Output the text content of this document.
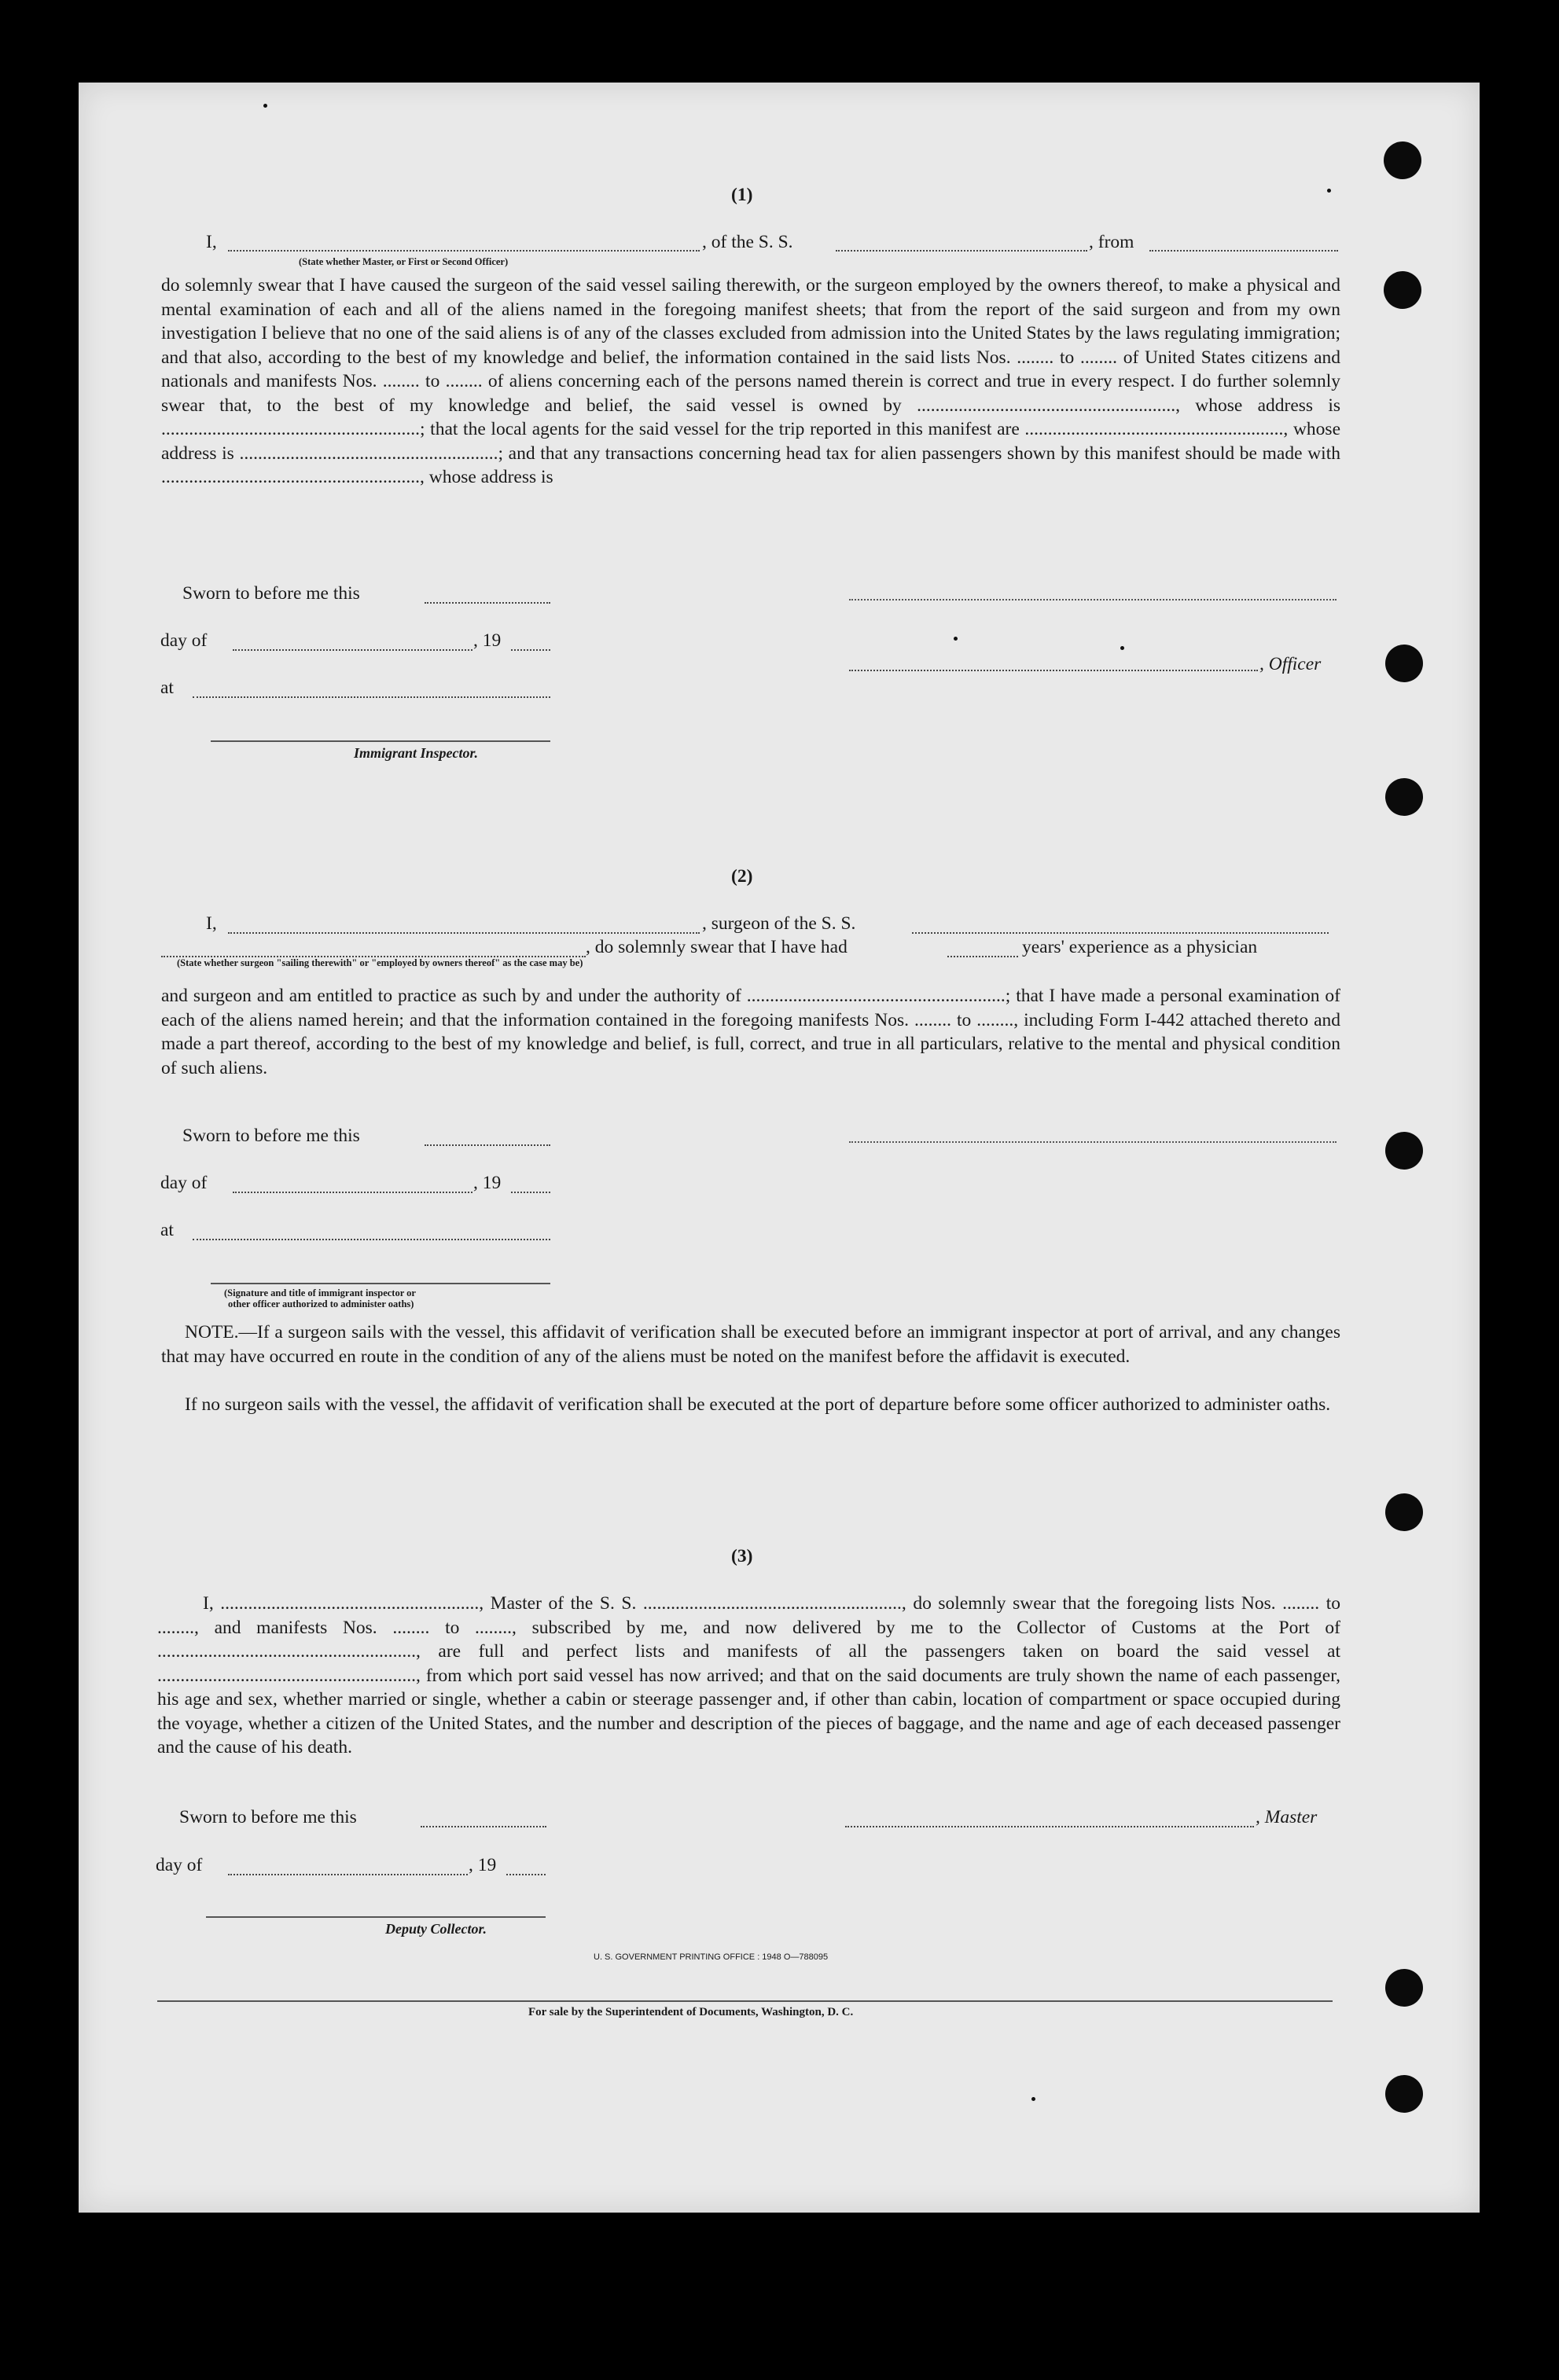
(1)
I,	, of the S. S.	, from
(State whether Master, or First or Second Officer)
do solemnly swear that I have caused the surgeon of the said vessel sailing therewith, or the surgeon employed by the owners thereof, to make a physical and mental examination of each and all of the aliens named in the foregoing manifest sheets; that from the report of the said surgeon and from my own investigation I believe that no one of the said aliens is of any of the classes excluded from admission into the United States by the laws regulating immigration; and that also, according to the best of my knowledge and belief, the information contained in the said lists Nos. ........ to ........ of United States citizens and nationals and manifests Nos. ........ to ........ of aliens concerning each of the persons named therein is correct and true in every respect. I do further solemnly swear that, to the best of my knowledge and belief, the said vessel is owned by ........................................................, whose address is ........................................................; that the local agents for the said vessel for the trip reported in this manifest are ........................................................, whose address is ........................................................; and that any transactions concerning head tax for alien passengers shown by this manifest should be made with ........................................................, whose address is
Sworn to before me this
day of	, 19
, Officer
at
Immigrant Inspector.
(2)
I,	, surgeon of the S. S.
, do solemnly swear that I have had	years' experience as a physician
(State whether surgeon "sailing therewith" or "employed by owners thereof" as the case may be)
and surgeon and am entitled to practice as such by and under the authority of ........................................................; that I have made a personal examination of each of the aliens named herein; and that the information contained in the foregoing manifests Nos. ........ to ........, including Form I-442 attached thereto and made a part thereof, according to the best of my knowledge and belief, is full, correct, and true in all particulars, relative to the mental and physical condition of such aliens.
Sworn to before me this
day of	, 19
at
(Signature and title of immigrant inspector or
other officer authorized to administer oaths)
NOTE.—If a surgeon sails with the vessel, this affidavit of verification shall be executed before an immigrant inspector at port of arrival, and any changes that may have occurred en route in the condition of any of the aliens must be noted on the manifest before the affidavit is executed.
If no surgeon sails with the vessel, the affidavit of verification shall be executed at the port of departure before some officer authorized to administer oaths.
(3)
I, ........................................................, Master of the S. S. ........................................................, do solemnly swear that the foregoing lists Nos. ........ to ........, and manifests Nos. ........ to ........, subscribed by me, and now delivered by me to the Collector of Customs at the Port of ........................................................, are full and perfect lists and manifests of all the passengers taken on board the said vessel at ........................................................, from which port said vessel has now arrived; and that on the said documents are truly shown the name of each passenger, his age and sex, whether married or single, whether a cabin or steerage passenger and, if other than cabin, location of compartment or space occupied during the voyage, whether a citizen of the United States, and the number and description of the pieces of baggage, and the name and age of each deceased passenger and the cause of his death.
Sworn to before me this	, Master
day of	, 19
Deputy Collector.
U. S. GOVERNMENT PRINTING OFFICE : 1948 O—788095
For sale by the Superintendent of Documents, Washington, D. C.
